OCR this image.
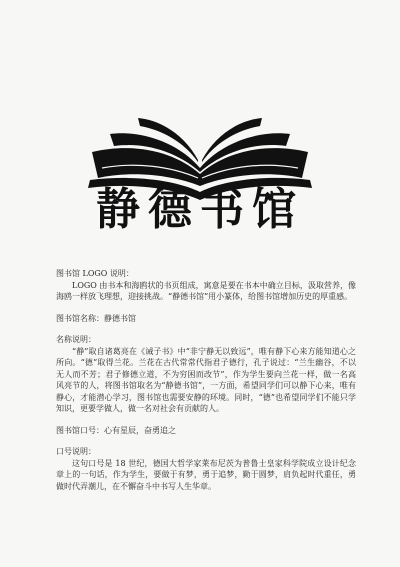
静德书馆

图书馆 LOGO 说明：

LOGO 由书本和海鸥状的书页组成，寓意是要在书本中确立目标，汲取营养，像海鸥一样放飞理想，迎接挑战。“静德书馆”用小篆体，给图书馆增加历史的厚重感。

图书馆名称：静德书馆

名称说明：

“静”取自诸葛亮在《诫子书》中“非宁静无以致远”，唯有静下心来方能知道心之所向。“德”取得兰花。兰花在古代常常代指君子德行，孔子说过：“兰生幽谷，不以无人而不芳；君子修德立道，不为穷困而改节”，作为学生要向兰花一样，做一名高风亮节的人，将图书馆取名为“静德书馆”，一方面，希望同学们可以静下心来，唯有静心，才能潜心学习，图书馆也需要安静的环境。同时，“德”也希望同学们不能只学知识，更要学做人，做一名对社会有贡献的人。

图书馆口号：心有星辰，奋勇追之

口号说明：

这句口号是 18 世纪，德国大哲学家莱布尼茨为普鲁士皇家科学院成立设计纪念章上的一句话，作为学生，要做于有梦，勇于追梦，勤于圆梦，肩负起时代重任，勇做时代弄潮儿，在不懈奋斗中书写人生华章。
